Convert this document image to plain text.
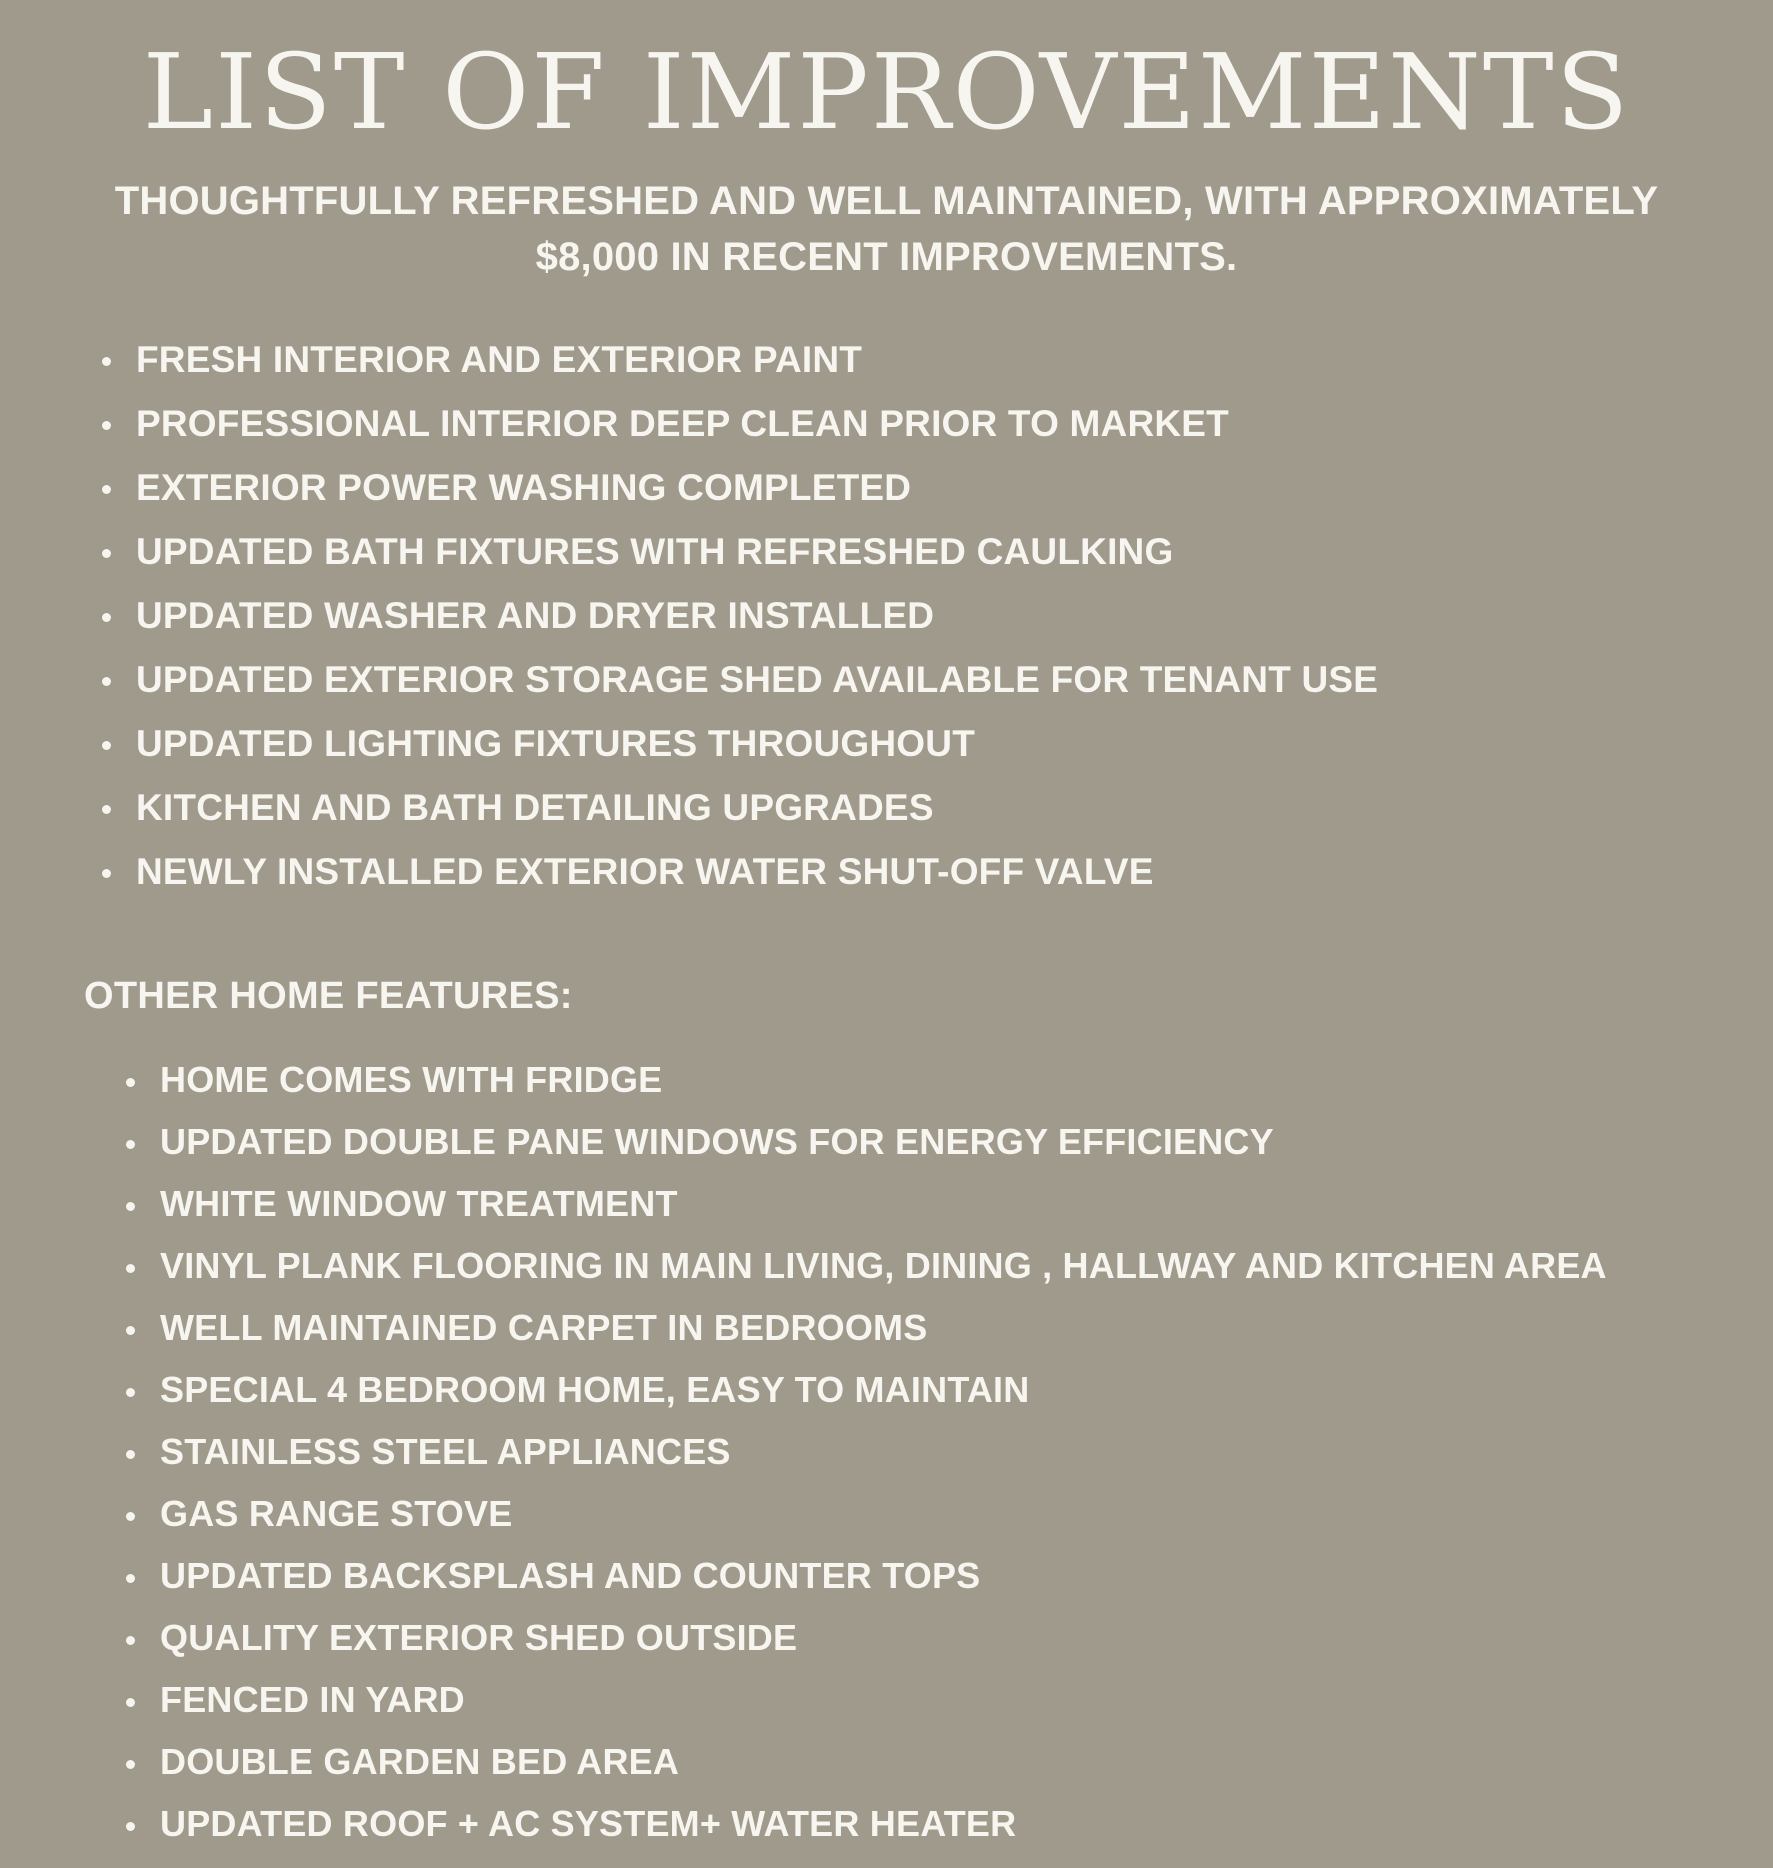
LIST OF IMPROVEMENTS

THOUGHTFULLY REFRESHED AND WELL MAINTAINED, WITH APPROXIMATELY $8,000 IN RECENT IMPROVEMENTS.

FRESH INTERIOR AND EXTERIOR PAINT
PROFESSIONAL INTERIOR DEEP CLEAN PRIOR TO MARKET
EXTERIOR POWER WASHING COMPLETED
UPDATED BATH FIXTURES WITH REFRESHED CAULKING
UPDATED WASHER AND DRYER INSTALLED
UPDATED EXTERIOR STORAGE SHED AVAILABLE FOR TENANT USE
UPDATED LIGHTING FIXTURES THROUGHOUT
KITCHEN AND BATH DETAILING UPGRADES
NEWLY INSTALLED EXTERIOR WATER SHUT-OFF VALVE
OTHER HOME FEATURES:
HOME COMES WITH FRIDGE
UPDATED DOUBLE PANE WINDOWS FOR ENERGY EFFICIENCY
WHITE WINDOW TREATMENT
VINYL PLANK FLOORING IN MAIN LIVING, DINING , HALLWAY AND KITCHEN AREA
WELL MAINTAINED CARPET IN BEDROOMS
SPECIAL 4 BEDROOM HOME, EASY TO MAINTAIN
STAINLESS STEEL APPLIANCES
GAS RANGE STOVE
UPDATED BACKSPLASH AND COUNTER TOPS
QUALITY EXTERIOR SHED OUTSIDE
FENCED IN YARD
DOUBLE GARDEN BED AREA
UPDATED ROOF + AC SYSTEM+ WATER HEATER
